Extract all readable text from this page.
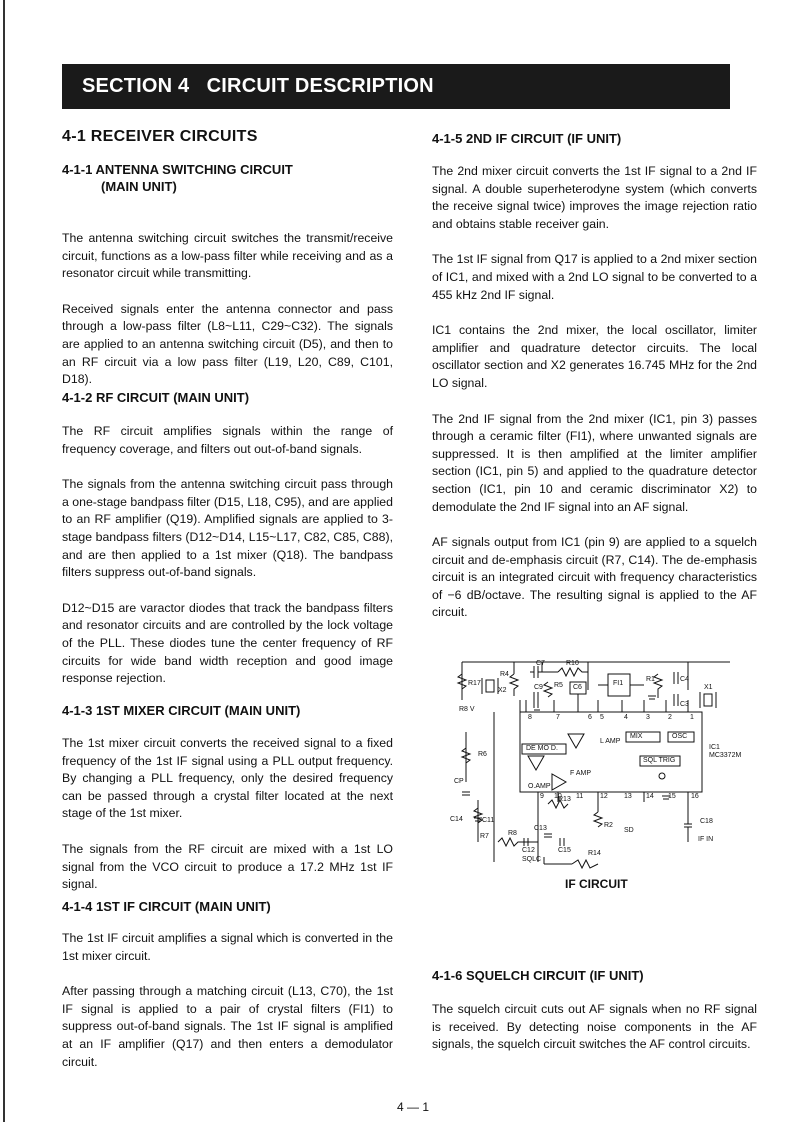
SECTION 4   CIRCUIT DESCRIPTION
4-1 RECEIVER CIRCUITS
4-1-1 ANTENNA SWITCHING CIRCUIT
(MAIN UNIT)

The antenna switching circuit switches the transmit/receive circuit, functions as a low-pass filter while receiving and as a resonator circuit while transmitting.

Received signals enter the antenna connector and pass through a low-pass filter (L8~L11, C29~C32). The signals are applied to an antenna switching circuit (D5), and then to an RF circuit via a low pass filter (L19, L20, C89, C101, D18).

4-1-2 RF CIRCUIT (MAIN UNIT)

The RF circuit amplifies signals within the range of frequency coverage, and filters out out-of-band signals.

The signals from the antenna switching circuit pass through a one-stage bandpass filter (D15, L18, C95), and are applied to an RF amplifier (Q19). Amplified signals are applied to 3-stage bandpass filters (D12~D14, L15~L17, C82, C85, C88), and are then applied to a 1st mixer (Q18). The bandpass filters suppress out-of-band signals.

D12~D15 are varactor diodes that track the bandpass filters and resonator circuits and are controlled by the lock voltage of the PLL. These diodes tune the center frequency of RF circuits for wide band width reception and good image response rejection.

4-1-3 1ST MIXER CIRCUIT (MAIN UNIT)

The 1st mixer circuit converts the received signal to a fixed frequency of the 1st IF signal using a PLL output frequency. By changing a PLL frequency, only the desired frequency can be passed through a crystal filter located at the next stage of the 1st mixer.

The signals from the RF circuit are mixed with a 1st LO signal from the VCO circuit to produce a 17.2 MHz 1st IF signal.

4-1-4 1ST IF CIRCUIT (MAIN UNIT)

The 1st IF circuit amplifies a signal which is converted in the 1st mixer circuit.

After passing through a matching circuit (L13, C70), the 1st IF signal is applied to a pair of crystal filters (FI1) to suppress out-of-band signals. The 1st IF signal is amplified at an IF amplifier (Q17) and then enters a demodulator circuit.

4-1-5 2ND IF CIRCUIT (IF UNIT)

The 2nd mixer circuit converts the 1st IF signal to a 2nd IF signal. A double superheterodyne system (which converts the receive signal twice) improves the image rejection ratio and obtains stable receiver gain.

The 1st IF signal from Q17 is applied to a 2nd mixer section of IC1, and mixed with a 2nd LO signal to be converted to a 455 kHz 2nd IF signal.

IC1 contains the 2nd mixer, the local oscillator, limiter amplifier and quadrature detector circuits. The local oscillator section and X2 generates 16.745 MHz for the 2nd LO signal.

The 2nd IF signal from the 2nd mixer (IC1, pin 3) passes through a ceramic filter (FI1), where unwanted signals are suppressed. It is then amplified at the limiter amplifier section (IC1, pin 5) and applied to the quadrature detector section (IC1, pin 10 and ceramic discriminator X2) to demodulate the 2nd IF signal into an AF signal.

AF signals output from IC1 (pin 9) are applied to a squelch circuit and de-emphasis circuit (R7, C14). The de-emphasis circuit is an integrated circuit with frequency characteristics of −6 dB/octave. The resulting signal is applied to the AF circuit.

C7	R10
R4
R17
X2	C9 R5 C6
FI1
R1	C4
X1
C3
R8 V
8	7	6 5	4	3	2	1
L AMP
MIX	OSC
DE MO D.
SQL TRIG
IC1
MC3372M
F AMP
O.AMP
CP
R6
9 10 11 12 13 14 15 16
R13
C14	C11
C13	R2
SD
C18
R7	R8
C12	C15 R14
SQLC
IF IN
IF CIRCUIT
4-1-6 SQUELCH CIRCUIT (IF UNIT)

The squelch circuit cuts out AF signals when no RF signal is received. By detecting noise components in the AF signals, the squelch circuit switches the AF control circuits.

4 — 1
